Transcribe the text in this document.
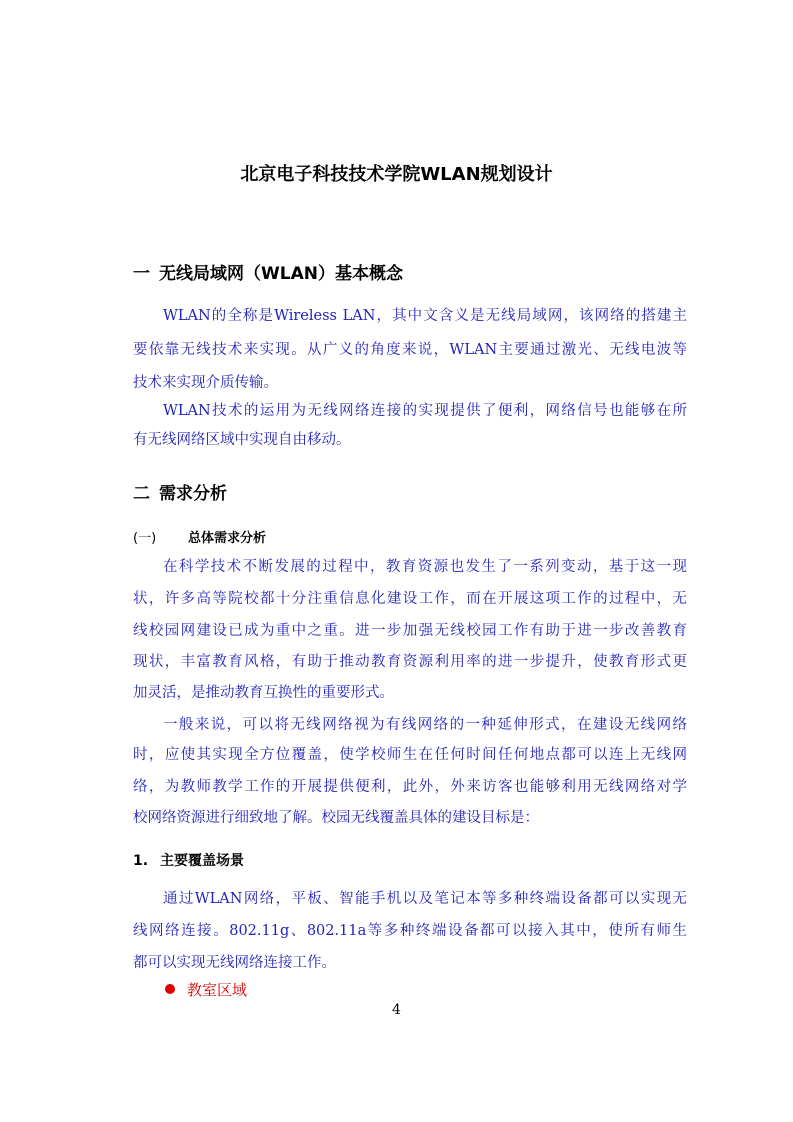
北京电子科技技术学院WLAN规划设计
一 无线局域网（WLAN）基本概念
WLAN的全称是Wireless LAN，其中文含义是无线局域网，该网络的搭建主
要依靠无线技术来实现。从广义的角度来说，WLAN主要通过激光、无线电波等
技术来实现介质传输。
WLAN技术的运用为无线网络连接的实现提供了便利，网络信号也能够在所
有无线网络区域中实现自由移动。
二 需求分析
(一) 总体需求分析
在科学技术不断发展的过程中，教育资源也发生了一系列变动，基于这一现
状，许多高等院校都十分注重信息化建设工作，而在开展这项工作的过程中，无
线校园网建设已成为重中之重。进一步加强无线校园工作有助于进一步改善教育
现状，丰富教育风格，有助于推动教育资源利用率的进一步提升，使教育形式更
加灵活，是推动教育互换性的重要形式。
一般来说，可以将无线网络视为有线网络的一种延伸形式，在建设无线网络
时，应使其实现全方位覆盖，使学校师生在任何时间任何地点都可以连上无线网
络，为教师教学工作的开展提供便利，此外，外来访客也能够利用无线网络对学
校网络资源进行细致地了解。校园无线覆盖具体的建设目标是：
1. 主要覆盖场景
通过WLAN网络，平板、智能手机以及笔记本等多种终端设备都可以实现无
线网络连接。802.11g、802.11a等多种终端设备都可以接入其中，使所有师生
都可以实现无线网络连接工作。
教室区域
4
